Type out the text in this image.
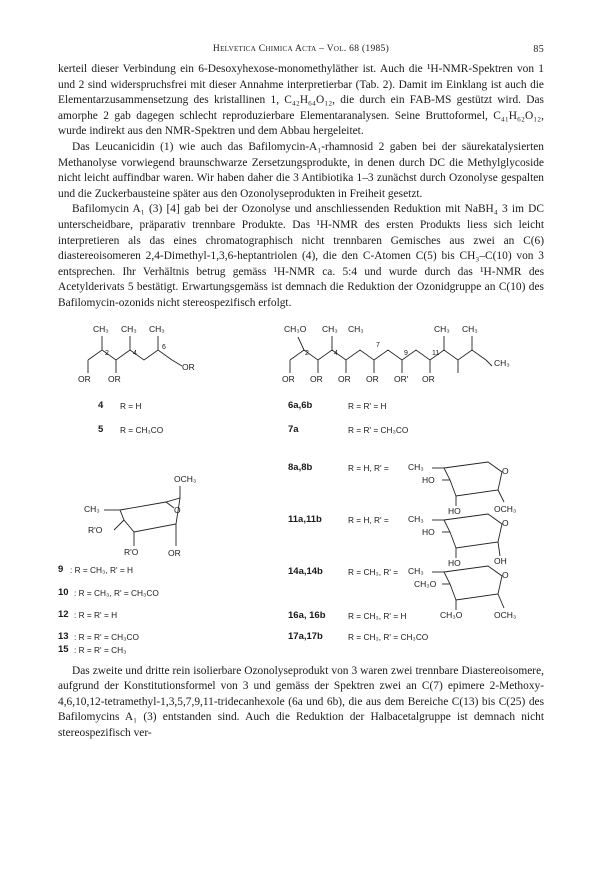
Helvetica Chimica Acta – Vol. 68 (1985)	85

kerteil dieser Verbindung ein 6-Desoxyhexose-monomethyläther ist. Auch die ¹H-NMR-Spektren von 1 und 2 sind widerspruchsfrei mit dieser Annahme interpretierbar (Tab. 2). Damit im Einklang ist auch die Elementarzusammensetzung des kristallinen 1, C₄₂H₆₄O₁₂, die durch ein FAB-MS gestützt wird. Das amorphe 2 gab dagegen schlecht reproduzierbare Elementaranalysen. Seine Bruttoformel, C₄₁H₆₂O₁₂, wurde indirekt aus den NMR-Spektren und dem Abbau hergeleitet.

Das Leucanicidin (1) wie auch das Bafilomycin-A₁-rhamnosid 2 gaben bei der säurekatalysierten Methanolyse vorwiegend braunschwarze Zersetzungsprodukte, in denen durch DC die Methylglycoside nicht leicht auffindbar waren. Wir haben daher die 3 Antibiotika 1–3 zunächst durch Ozonolyse gespalten und die Zuckerbausteine später aus den Ozonolyseprodukten in Freiheit gesetzt.

Bafilomycin A₁ (3) [4] gab bei der Ozonolyse und anschliessenden Reduktion mit NaBH₄ 3 im DC unterscheidbare, präparativ trennbare Produkte. Das ¹H-NMR des ersten Produkts liess sich leicht interpretieren als das eines chromatographisch nicht trennbaren Gemisches aus zwei an C(6) diastereoisomeren 2,4-Dimethyl-1,3,6-heptantriolen (4), die den C-Atomen C(5) bis CH₃–C(10) von 3 entsprechen. Ihr Verhältnis betrug gemäss ¹H-NMR ca. 5:4 und wurde durch das ¹H-NMR des Acetylderivats 5 bestätigt. Erwartungsgemäss ist demnach die Reduktion der Ozonidgruppe an C(10) des Bafilomycin-ozonids nicht stereospezifisch erfolgt.

CH₃ CH₃ CH₃
2	4
6
OR OR
OR
CH₃O CH₃ CH₃	CH₃ CH₃
CH₃
2	4
7
9	11
OR OR OR OR OR' OR
OCH₃
CH₃	O
R'O
R'O	OR
CH₃	O
HO
HO	OCH₃
CH₃	O
HO
HO	OH
CH₃	O
CH₃O
CH₃O	OCH₃
4 R = H
5 R = CH₃CO
9 : R = CH₃, R' = H
10 : R = CH₃, R' = CH₃CO
12 : R = R' = H
13 : R = R' = CH₃CO
6a,6b	R = R' = H
7a	R = R' = CH₃CO
8a,8b	R = H, R' =
11a,11b	R = H, R' =
14a,14b	R = CH₃, R' =
16a, 16b	R = CH₃, R' = H
17a,17b	R = CH₃, R' = CH₃CO
15 : R = R' = CH₃

Das zweite und dritte rein isolierbare Ozonolyseprodukt von 3 waren zwei trennbare Diastereoisomere, aufgrund der Konstitutionsformel von 3 und gemäss der Spektren zwei an C(7) epimere 2-Methoxy-4,6,10,12-tetramethyl-1,3,5,7,9,11-tridecanhexole (6a und 6b), die aus dem Bereiche C(13) bis C(25) des Bafilomycins A₁ (3) entstanden sind. Auch die Reduktion der Halbacetalgruppe ist demnach nicht stereospezifisch ver-
